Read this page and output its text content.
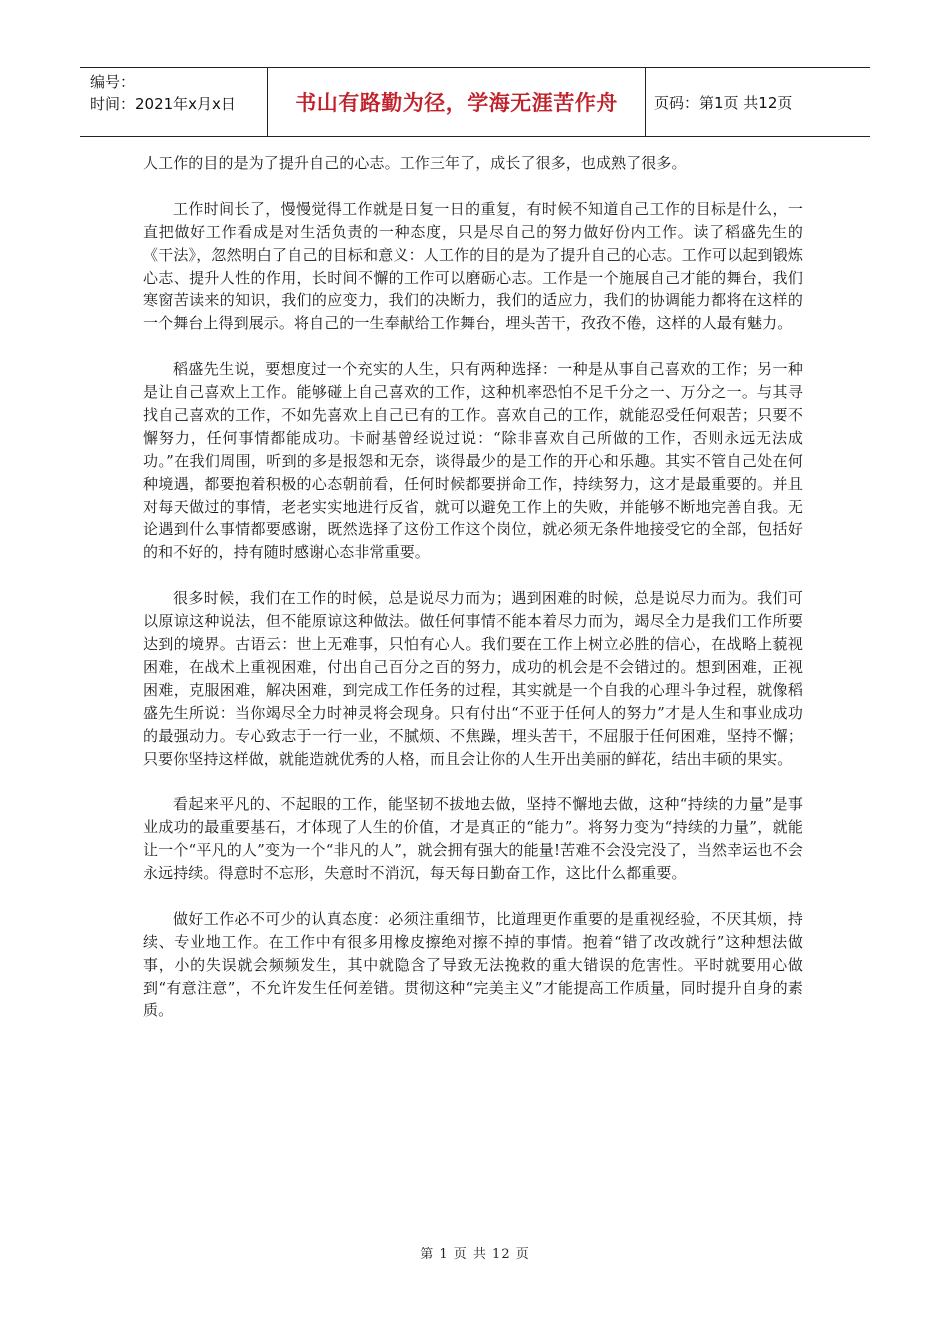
编号：
时间：2021年x月x日	书山有路勤为径，学海无涯苦作舟	页码：第1页 共12页

人工作的目的是为了提升自己的心志。工作三年了，成长了很多，也成熟了很多。

工作时间长了，慢慢觉得工作就是日复一日的重复，有时候不知道自己工作的目标是什么，一直把做好工作看成是对生活负责的一种态度，只是尽自己的努力做好份内工作。读了稻盛先生的《干法》，忽然明白了自己的目标和意义：人工作的目的是为了提升自己的心志。工作可以起到锻炼心志、提升人性的作用，长时间不懈的工作可以磨砺心志。工作是一个施展自己才能的舞台，我们寒窗苦读来的知识，我们的应变力，我们的决断力，我们的适应力，我们的协调能力都将在这样的一个舞台上得到展示。将自己的一生奉献给工作舞台，埋头苦干，孜孜不倦，这样的人最有魅力。

稻盛先生说，要想度过一个充实的人生，只有两种选择：一种是从事自己喜欢的工作；另一种是让自己喜欢上工作。能够碰上自己喜欢的工作，这种机率恐怕不足千分之一、万分之一。与其寻找自己喜欢的工作，不如先喜欢上自己已有的工作。喜欢自己的工作，就能忍受任何艰苦；只要不懈努力，任何事情都能成功。卡耐基曾经说过说：“除非喜欢自己所做的工作，否则永远无法成功。”在我们周围，听到的多是报怨和无奈，谈得最少的是工作的开心和乐趣。其实不管自己处在何种境遇，都要抱着积极的心态朝前看，任何时候都要拼命工作，持续努力，这才是最重要的。并且对每天做过的事情，老老实实地进行反省，就可以避免工作上的失败，并能够不断地完善自我。无论遇到什么事情都要感谢，既然选择了这份工作这个岗位，就必须无条件地接受它的全部，包括好的和不好的，持有随时感谢心态非常重要。

很多时候，我们在工作的时候，总是说尽力而为；遇到困难的时候，总是说尽力而为。我们可以原谅这种说法，但不能原谅这种做法。做任何事情不能本着尽力而为，竭尽全力是我们工作所要达到的境界。古语云：世上无难事，只怕有心人。我们要在工作上树立必胜的信心，在战略上藐视困难，在战术上重视困难，付出自己百分之百的努力，成功的机会是不会错过的。想到困难，正视困难，克服困难，解决困难，到完成工作任务的过程，其实就是一个自我的心理斗争过程，就像稻盛先生所说：当你竭尽全力时神灵将会现身。只有付出“不亚于任何人的努力”才是人生和事业成功的最强动力。专心致志于一行一业，不腻烦、不焦躁，埋头苦干，不屈服于任何困难，坚持不懈；只要你坚持这样做，就能造就优秀的人格，而且会让你的人生开出美丽的鲜花，结出丰硕的果实。

看起来平凡的、不起眼的工作，能坚韧不拔地去做，坚持不懈地去做，这种“持续的力量”是事业成功的最重要基石，才体现了人生的价值，才是真正的“能力”。将努力变为“持续的力量”，就能让一个“平凡的人”变为一个“非凡的人”，就会拥有强大的能量!苦难不会没完没了，当然幸运也不会永远持续。得意时不忘形，失意时不消沉，每天每日勤奋工作，这比什么都重要。

做好工作必不可少的认真态度：必须注重细节，比道理更作重要的是重视经验，不厌其烦，持续、专业地工作。在工作中有很多用橡皮擦绝对擦不掉的事情。抱着“错了改改就行”这种想法做事，小的失误就会频频发生，其中就隐含了导致无法挽救的重大错误的危害性。平时就要用心做到“有意注意”，不允许发生任何差错。贯彻这种“完美主义”才能提高工作质量，同时提升自身的素质。

第 1 页 共 12 页
